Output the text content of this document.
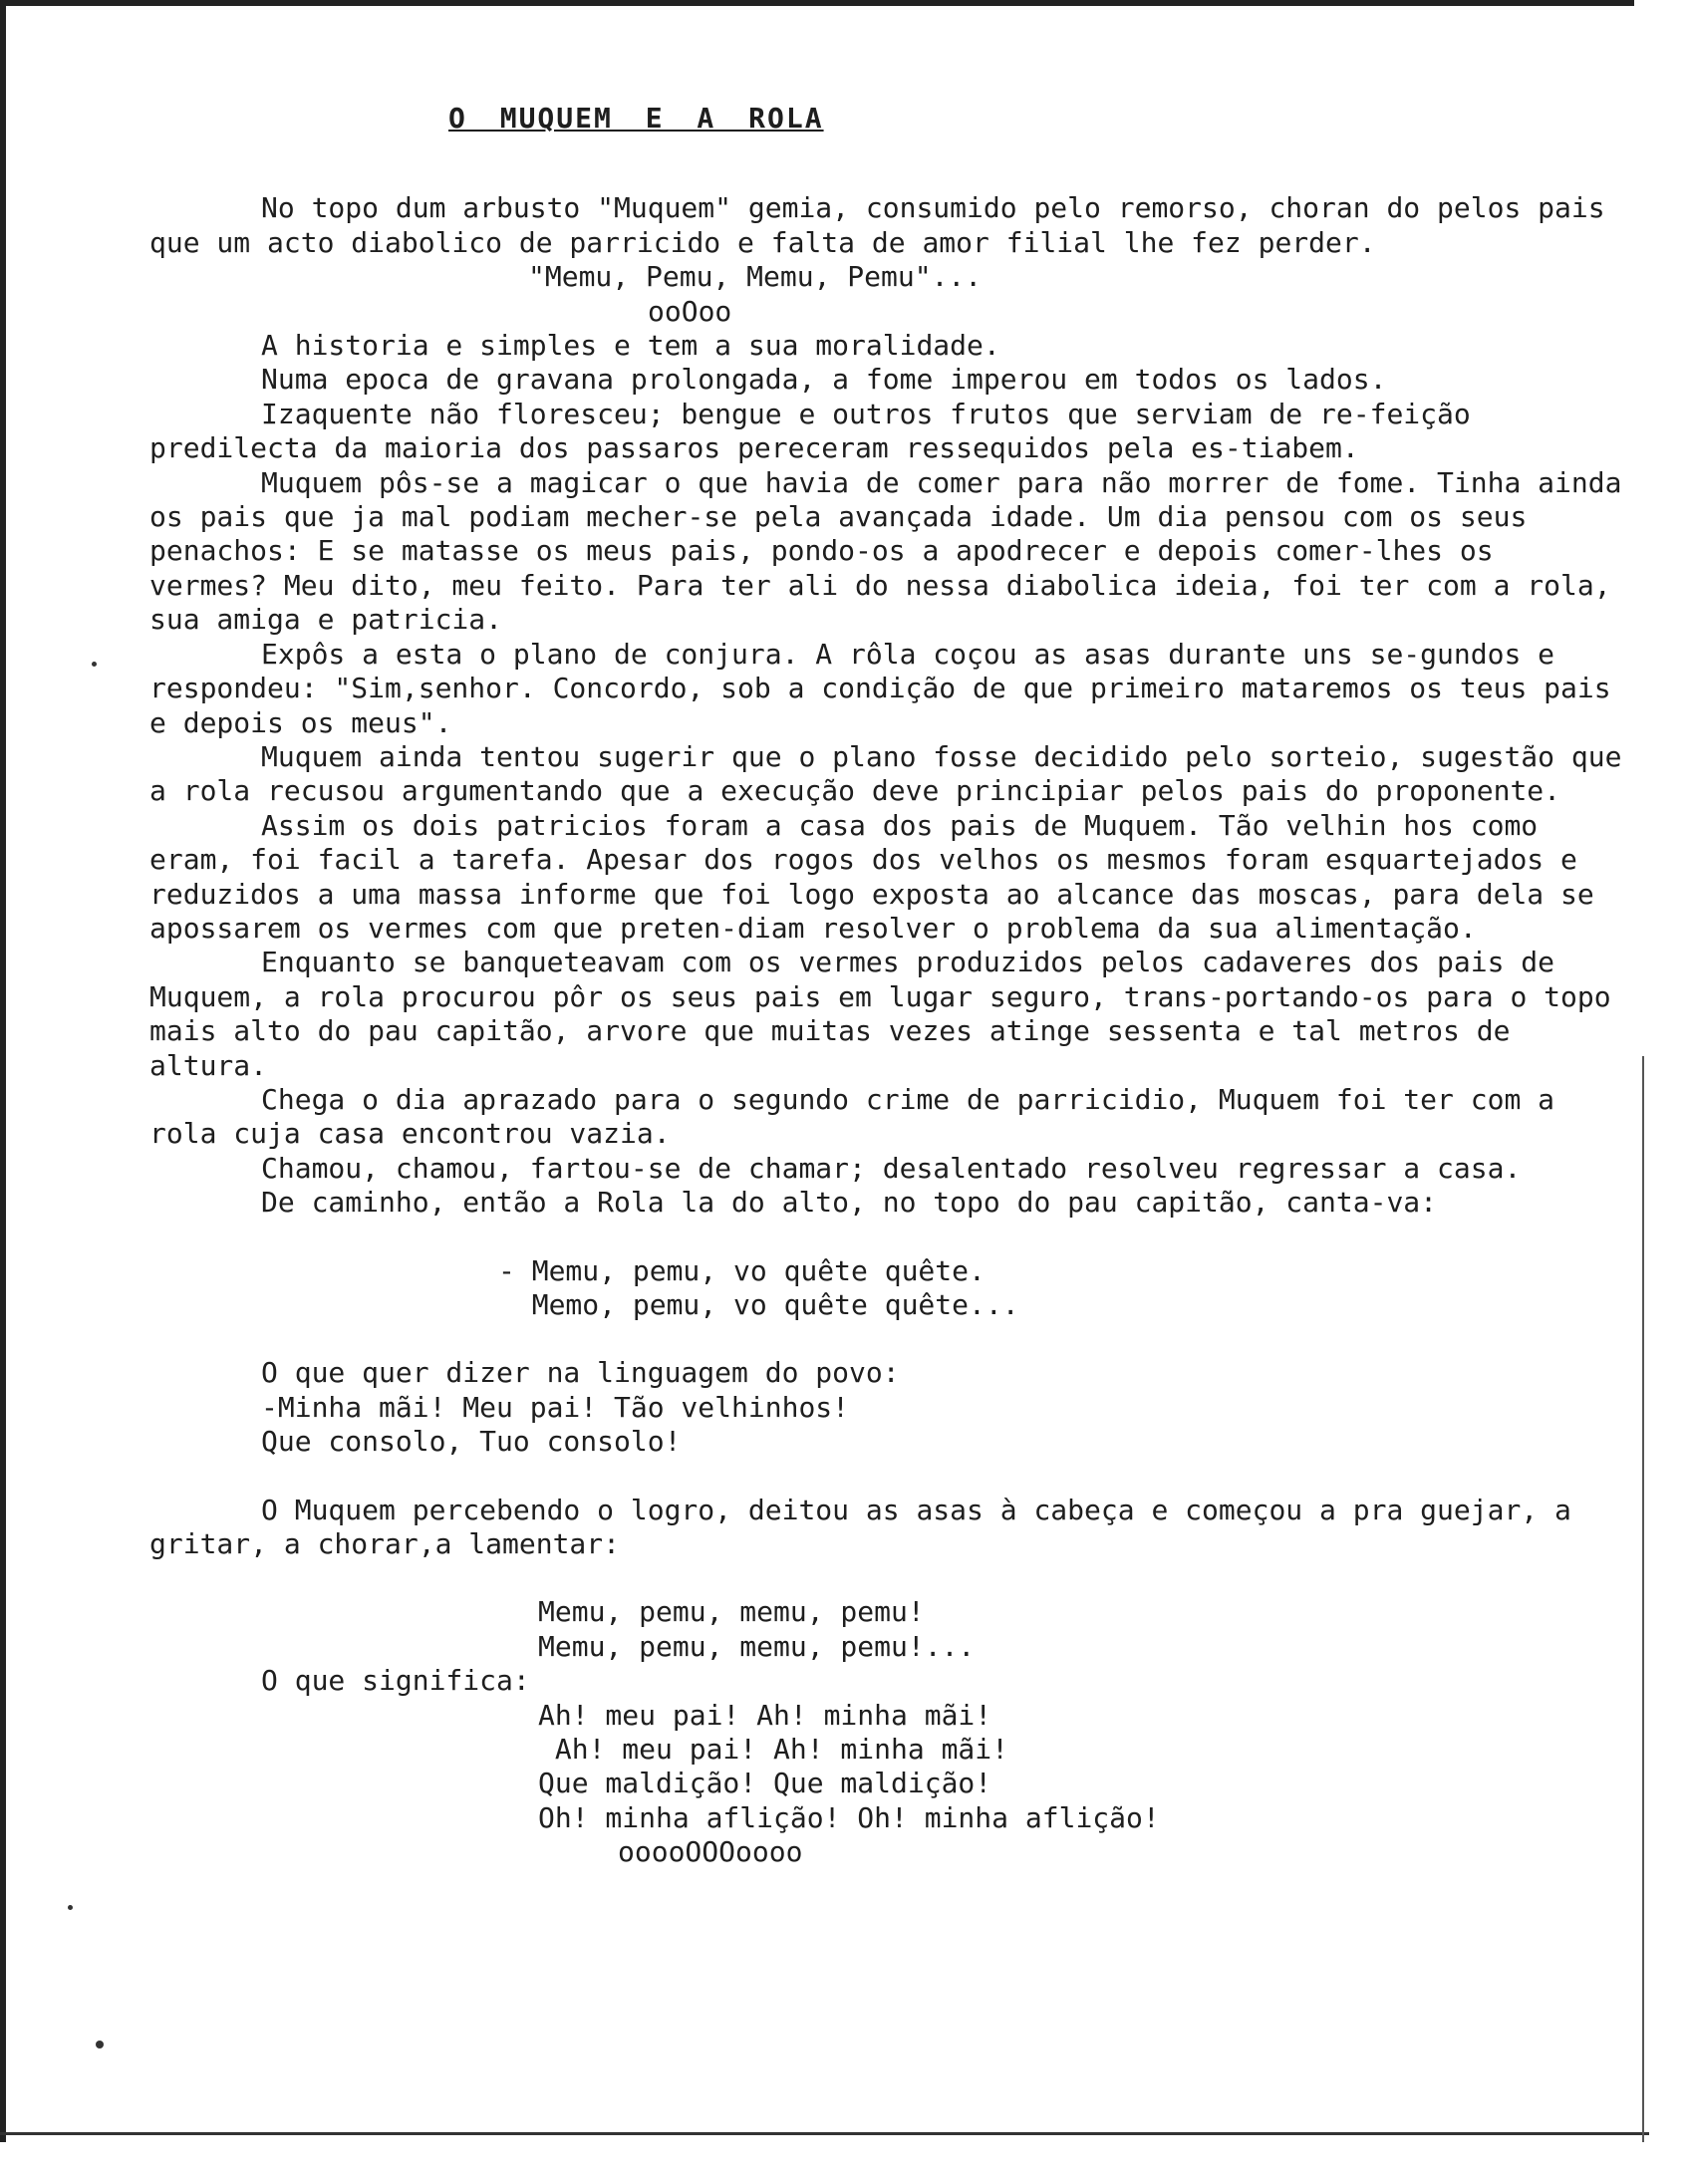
O MUQUEM E A ROLA

No topo dum arbusto "Muquem" gemia, consumido pelo remorso, choran do pelos pais que um acto diabolico de parricido e falta de amor filial lhe fez perder.

"Memu, Pemu, Memu, Pemu"...

ooOoo

A historia e simples e tem a sua moralidade.

Numa epoca de gravana prolongada, a fome imperou em todos os lados.

Izaquente não floresceu; bengue e outros frutos que serviam de re-feição predilecta da maioria dos passaros pereceram ressequidos pela es-tiabem.

Muquem pôs-se a magicar o que havia de comer para não morrer de fome. Tinha ainda os pais que ja mal podiam mecher-se pela avançada idade. Um dia pensou com os seus penachos: E se matasse os meus pais, pondo-os a apodrecer e depois comer-lhes os vermes? Meu dito, meu feito. Para ter ali do nessa diabolica ideia, foi ter com a rola, sua amiga e patricia.

Expôs a esta o plano de conjura. A rôla coçou as asas durante uns se-gundos e respondeu: "Sim,senhor. Concordo, sob a condição de que primeiro mataremos os teus pais e depois os meus".

Muquem ainda tentou sugerir que o plano fosse decidido pelo sorteio, sugestão que a rola recusou argumentando que a execução deve principiar pelos pais do proponente.

Assim os dois patricios foram a casa dos pais de Muquem. Tão velhin hos como eram, foi facil a tarefa. Apesar dos rogos dos velhos os mesmos foram esquartejados e reduzidos a uma massa informe que foi logo exposta ao alcance das moscas, para dela se apossarem os vermes com que preten-diam resolver o problema da sua alimentação.

Enquanto se banqueteavam com os vermes produzidos pelos cadaveres dos pais de Muquem, a rola procurou pôr os seus pais em lugar seguro, trans-portando-os para o topo mais alto do pau capitão, arvore que muitas vezes atinge sessenta e tal metros de altura.

Chega o dia aprazado para o segundo crime de parricidio, Muquem foi ter com a rola cuja casa encontrou vazia.

Chamou, chamou, fartou-se de chamar; desalentado resolveu regressar a casa.

De caminho, então a Rola la do alto, no topo do pau capitão, canta-va:

- Memu, pemu, vo quête quête.

Memo, pemu, vo quête quête...

O que quer dizer na linguagem do povo:

-Minha mãi! Meu pai! Tão velhinhos!

Que consolo, Tuo consolo!

O Muquem percebendo o logro, deitou as asas à cabeça e começou a pra guejar, a gritar, a chorar,a lamentar:

Memu, pemu, memu, pemu!

Memu, pemu, memu, pemu!...

O que significa:

Ah! meu pai! Ah! minha mãi!

Ah! meu pai! Ah! minha mãi!

Que maldição! Que maldição!

Oh! minha aflição! Oh! minha aflição!

ooooOOOoooo
